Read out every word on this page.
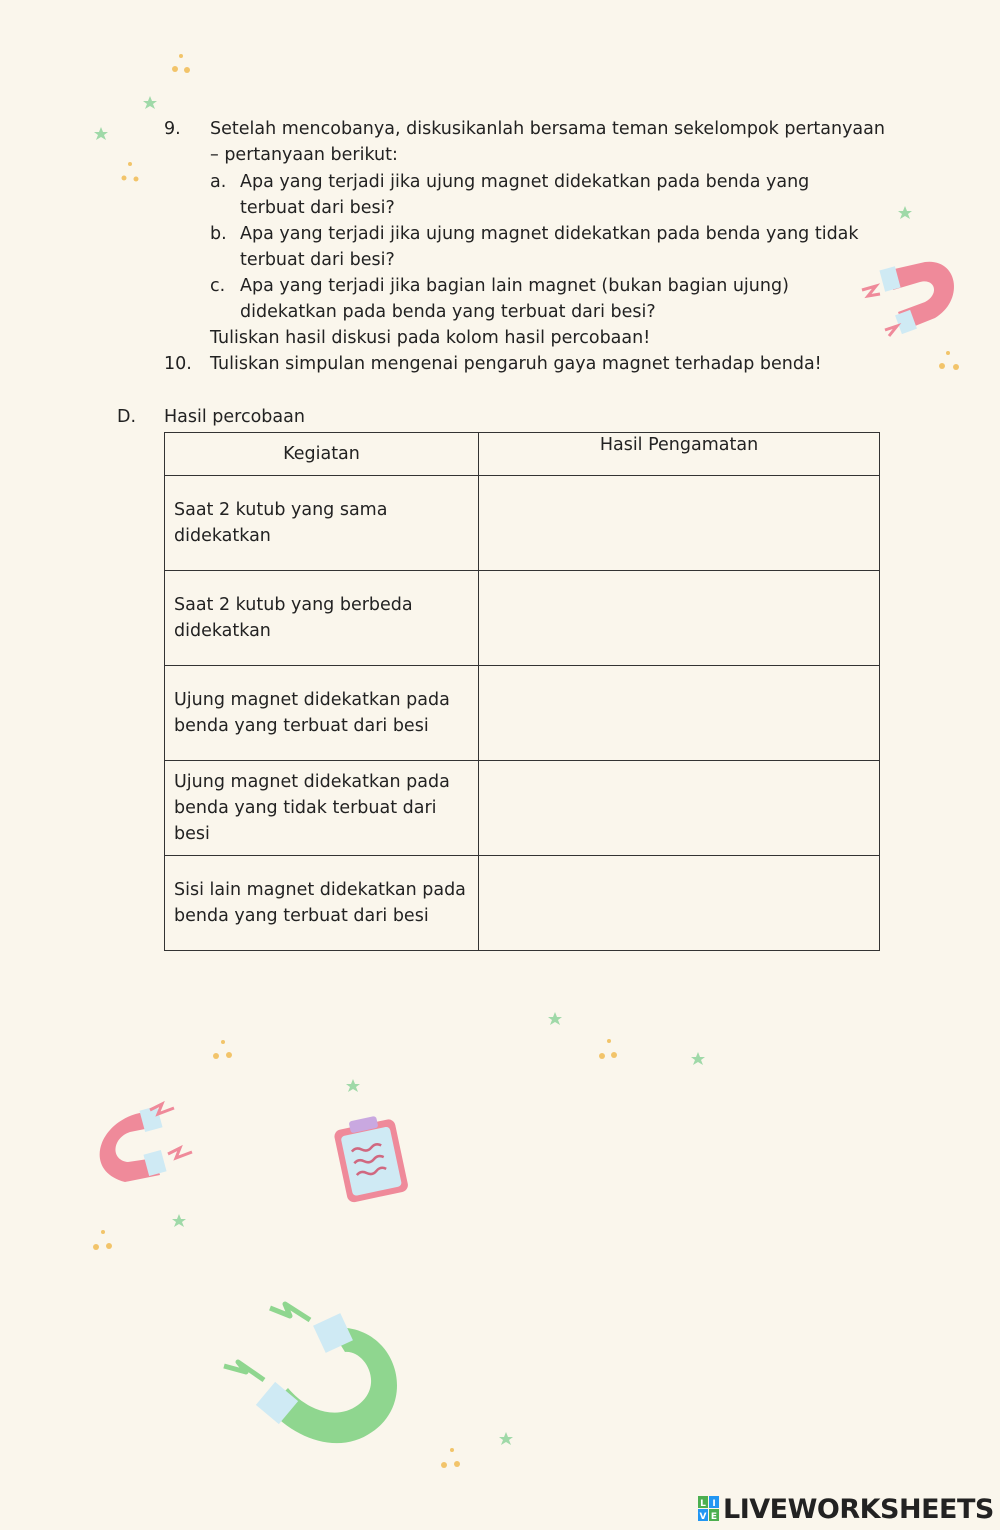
9. Setelah mencobanya, diskusikanlah bersama teman sekelompok pertanyaan
– pertanyaan berikut:
a. Apa yang terjadi jika ujung magnet didekatkan pada benda yang
terbuat dari besi?
b. Apa yang terjadi jika ujung magnet didekatkan pada benda yang tidak
terbuat dari besi?
c. Apa yang terjadi jika bagian lain magnet (bukan bagian ujung)
didekatkan pada benda yang terbuat dari besi?
Tuliskan hasil diskusi pada kolom hasil percobaan!
10. Tuliskan simpulan mengenai pengaruh gaya magnet terhadap benda!
D. Hasil percobaan
Kegiatan	Hasil Pengamatan

Saat 2 kutub yang sama
didekatkan	

Saat 2 kutub yang berbeda
didekatkan	

Ujung magnet didekatkan pada
benda yang terbuat dari besi	

Ujung magnet didekatkan pada
benda yang tidak terbuat dari
besi	

Sisi lain magnet didekatkan pada
benda yang terbuat dari besi	

L I
V E LIVEWORKSHEETS
